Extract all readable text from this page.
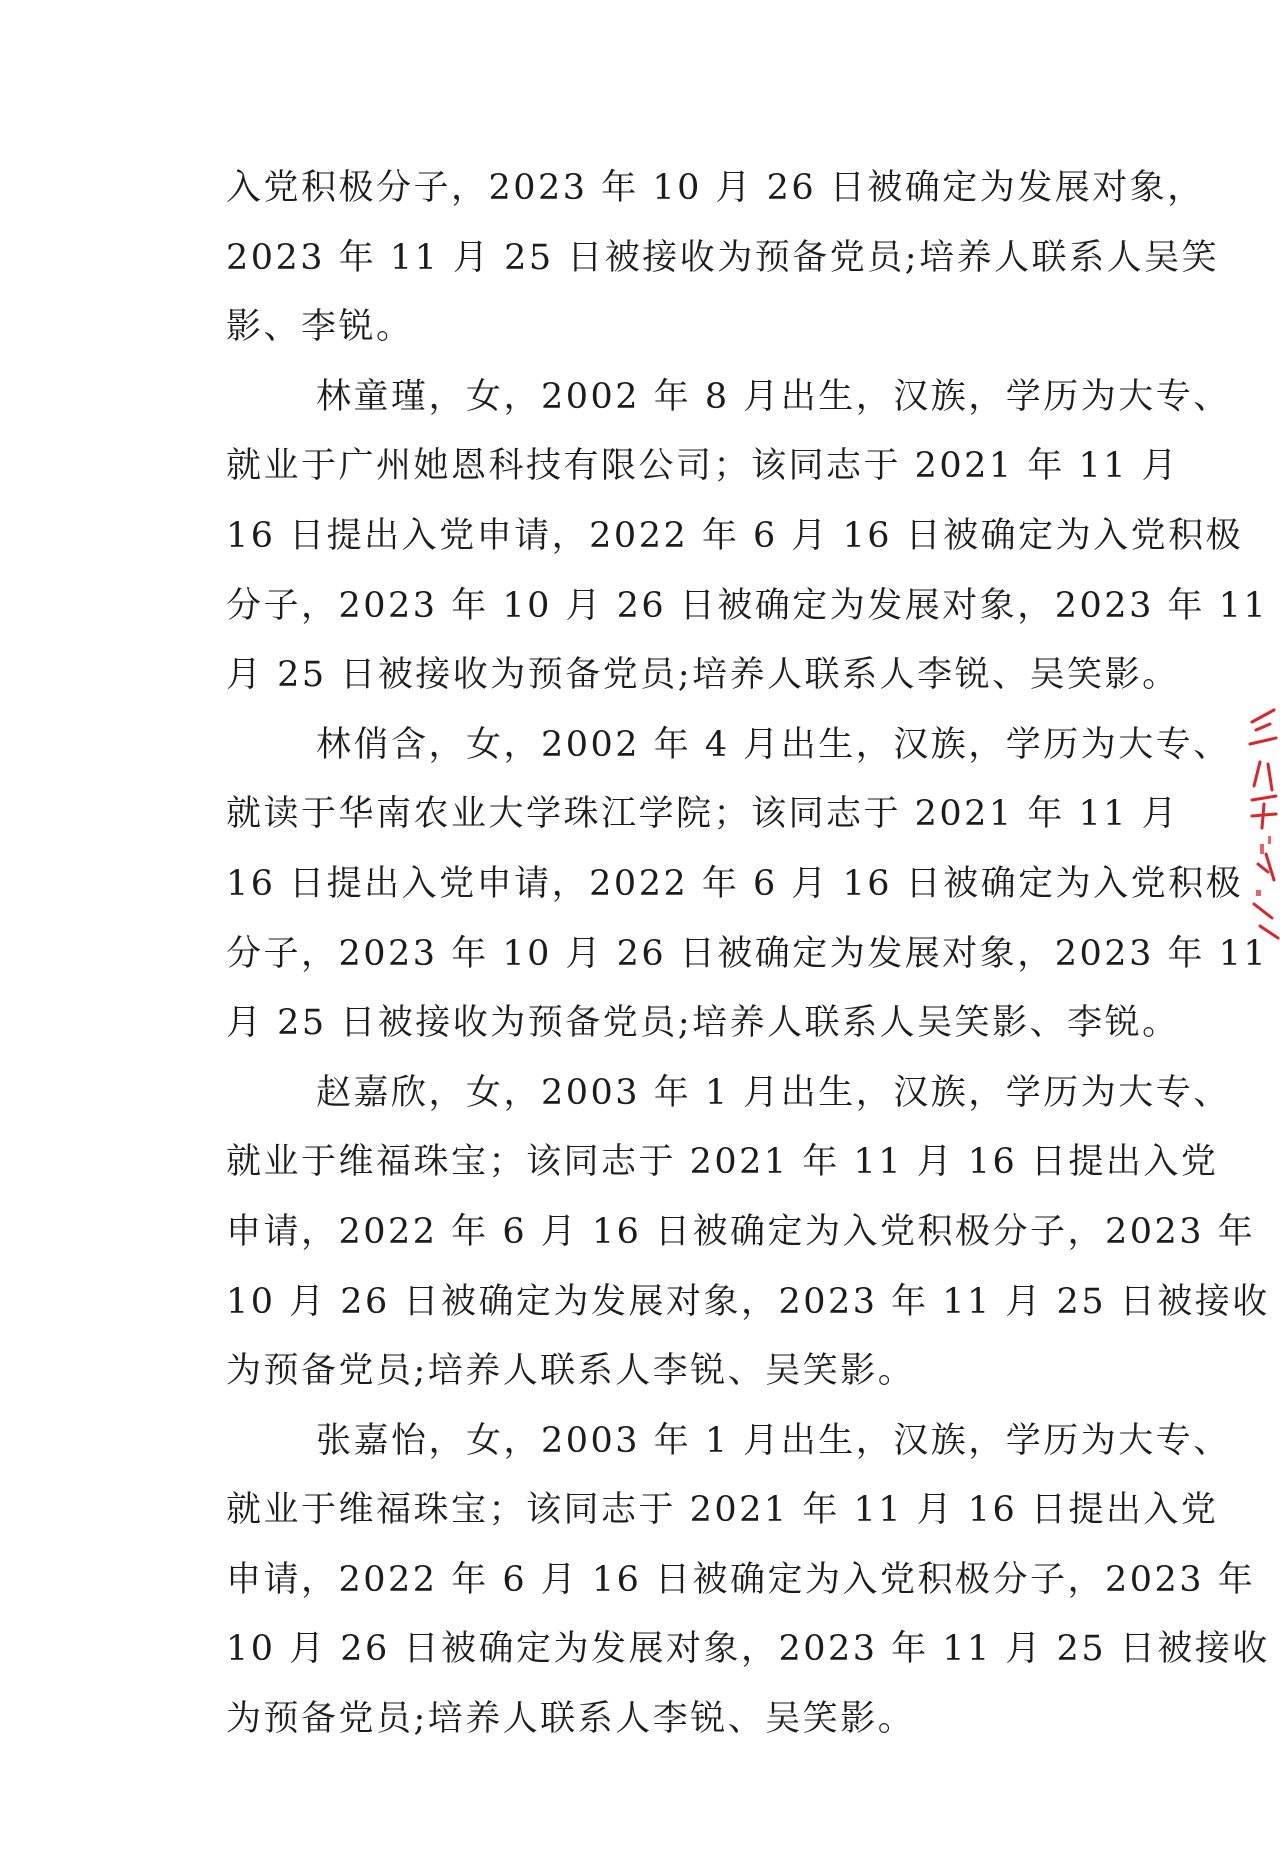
入党积极分子，2023 年 10 月 26 日被确定为发展对象，
2023 年 11 月 25 日被接收为预备党员;培养人联系人吴笑
影、李锐。
林童瑾，女，2002 年 8 月出生，汉族，学历为大专、
就业于广州她恩科技有限公司；该同志于 2021 年 11 月
16 日提出入党申请，2022 年 6 月 16 日被确定为入党积极
分子，2023 年 10 月 26 日被确定为发展对象，2023 年 11
月 25 日被接收为预备党员;培养人联系人李锐、吴笑影。
林俏含，女，2002 年 4 月出生，汉族，学历为大专、
就读于华南农业大学珠江学院；该同志于 2021 年 11 月
16 日提出入党申请，2022 年 6 月 16 日被确定为入党积极
分子，2023 年 10 月 26 日被确定为发展对象，2023 年 11
月 25 日被接收为预备党员;培养人联系人吴笑影、李锐。
赵嘉欣，女，2003 年 1 月出生，汉族，学历为大专、
就业于维福珠宝；该同志于 2021 年 11 月 16 日提出入党
申请，2022 年 6 月 16 日被确定为入党积极分子，2023 年
10 月 26 日被确定为发展对象，2023 年 11 月 25 日被接收
为预备党员;培养人联系人李锐、吴笑影。
张嘉怡，女，2003 年 1 月出生，汉族，学历为大专、
就业于维福珠宝；该同志于 2021 年 11 月 16 日提出入党
申请，2022 年 6 月 16 日被确定为入党积极分子，2023 年
10 月 26 日被确定为发展对象，2023 年 11 月 25 日被接收
为预备党员;培养人联系人李锐、吴笑影。
